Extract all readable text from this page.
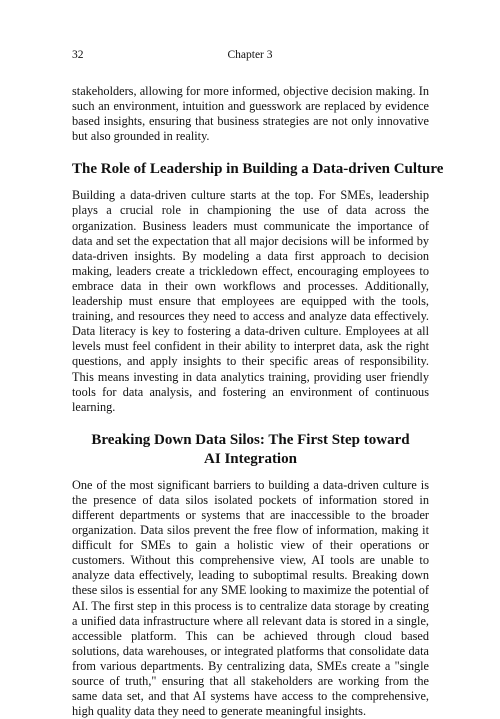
32	Chapter 3

stakeholders, allowing for more informed, objective decision making. In such an environment, intuition and guesswork are replaced by evidence based insights, ensuring that business strategies are not only innovative but also grounded in reality.

The Role of Leadership in Building a Data-driven Culture

Building a data-driven culture starts at the top. For SMEs, leadership plays a crucial role in championing the use of data across the organization. Business leaders must communicate the importance of data and set the expectation that all major decisions will be informed by data-driven insights. By modeling a data first approach to decision making, leaders create a trickledown effect, encouraging employees to embrace data in their own workflows and processes. Additionally, leadership must ensure that employees are equipped with the tools, training, and resources they need to access and analyze data effectively. Data literacy is key to fostering a data-driven culture. Employees at all levels must feel confident in their ability to interpret data, ask the right questions, and apply insights to their specific areas of responsibility. This means investing in data analytics training, providing user friendly tools for data analysis, and fostering an environment of continuous learning.

Breaking Down Data Silos: The First Step toward
AI Integration

One of the most significant barriers to building a data-driven culture is the presence of data silos isolated pockets of information stored in different departments or systems that are inaccessible to the broader organization. Data silos prevent the free flow of information, making it difficult for SMEs to gain a holistic view of their operations or customers. Without this comprehensive view, AI tools are unable to analyze data effectively, leading to suboptimal results. Breaking down these silos is essential for any SME looking to maximize the potential of AI. The first step in this process is to centralize data storage by creating a unified data infrastructure where all relevant data is stored in a single, accessible platform. This can be achieved through cloud based solutions, data warehouses, or integrated platforms that consolidate data from various departments. By centralizing data, SMEs create a "single source of truth," ensuring that all stakeholders are working from the same data set, and that AI systems have access to the comprehensive, high quality data they need to generate meaningful insights.
